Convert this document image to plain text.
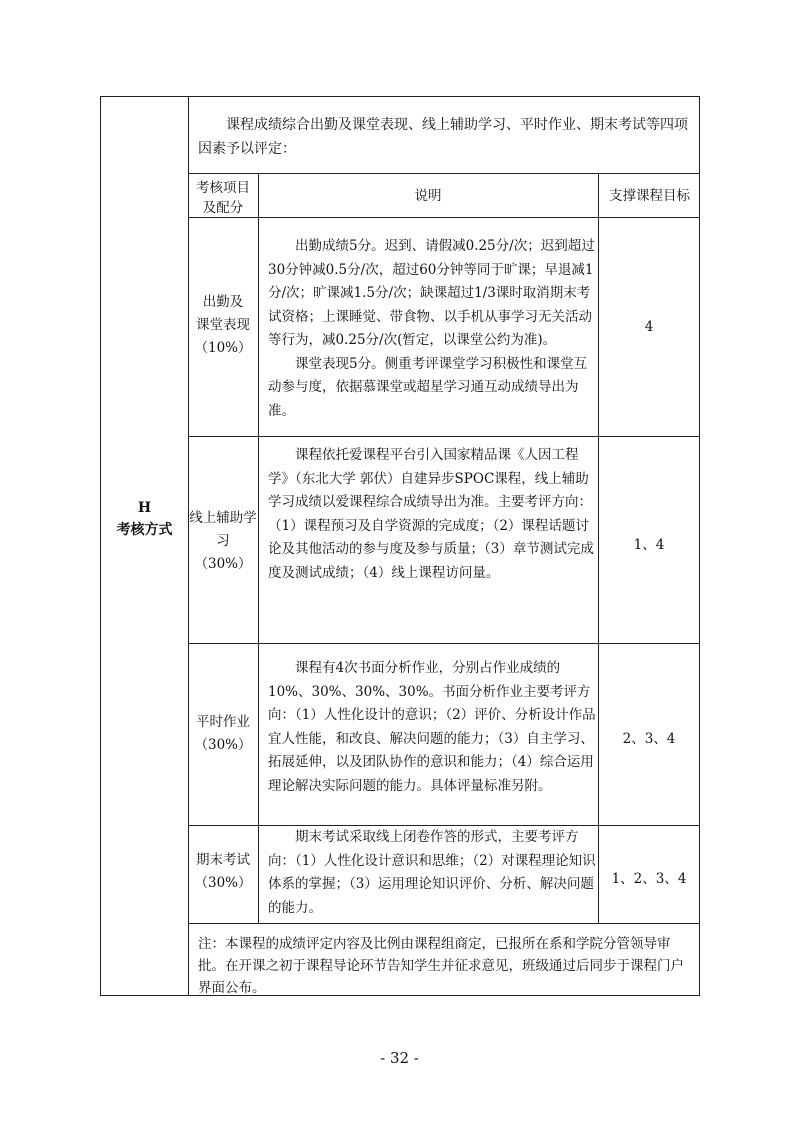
H
考核方式
课程成绩综合出勤及课堂表现、线上辅助学习、平时作业、期末考试等四项因素予以评定：
考核项目
及配分
说明	支撑课程目标
出勤及
课堂表现
（10%）

出勤成绩5分。迟到、请假减0.25分/次；迟到超过30分钟减0.5分/次，超过60分钟等同于旷课；早退减1分/次；旷课减1.5分/次；缺课超过1/3课时取消期末考试资格；上课睡觉、带食物、以手机从事学习无关活动等行为，减0.25分/次(暂定，以课堂公约为准)。

课堂表现5分。侧重考评课堂学习积极性和课堂互动参与度，依据慕课堂或超星学习通互动成绩导出为准。

4
线上辅助学
习
（30%）

课程依托爱课程平台引入国家精品课《人因工程学》（东北大学 郭伏）自建异步SPOC课程，线上辅助学习成绩以爱课程综合成绩导出为准。主要考评方向：（1）课程预习及自学资源的完成度；（2）课程话题讨论及其他活动的参与度及参与质量；（3）章节测试完成度及测试成绩；（4）线上课程访问量。

1、4
平时作业
（30%）

课程有4次书面分析作业，分别占作业成绩的10%、30%、30%、30%。书面分析作业主要考评方向：（1）人性化设计的意识；（2）评价、分析设计作品宜人性能，和改良、解决问题的能力；（3）自主学习、拓展延伸，以及团队协作的意识和能力；（4）综合运用理论解决实际问题的能力。具体评量标准另附。

2、3、4
期末考试
（30%）

期末考试采取线上闭卷作答的形式，主要考评方向：（1）人性化设计意识和思维；（2）对课程理论知识体系的掌握；（3）运用理论知识评价、分析、解决问题的能力。

1、2、3、4
注：本课程的成绩评定内容及比例由课程组商定，已报所在系和学院分管领导审批。在开课之初于课程导论环节告知学生并征求意见，班级通过后同步于课程门户界面公布。
- 32 -
